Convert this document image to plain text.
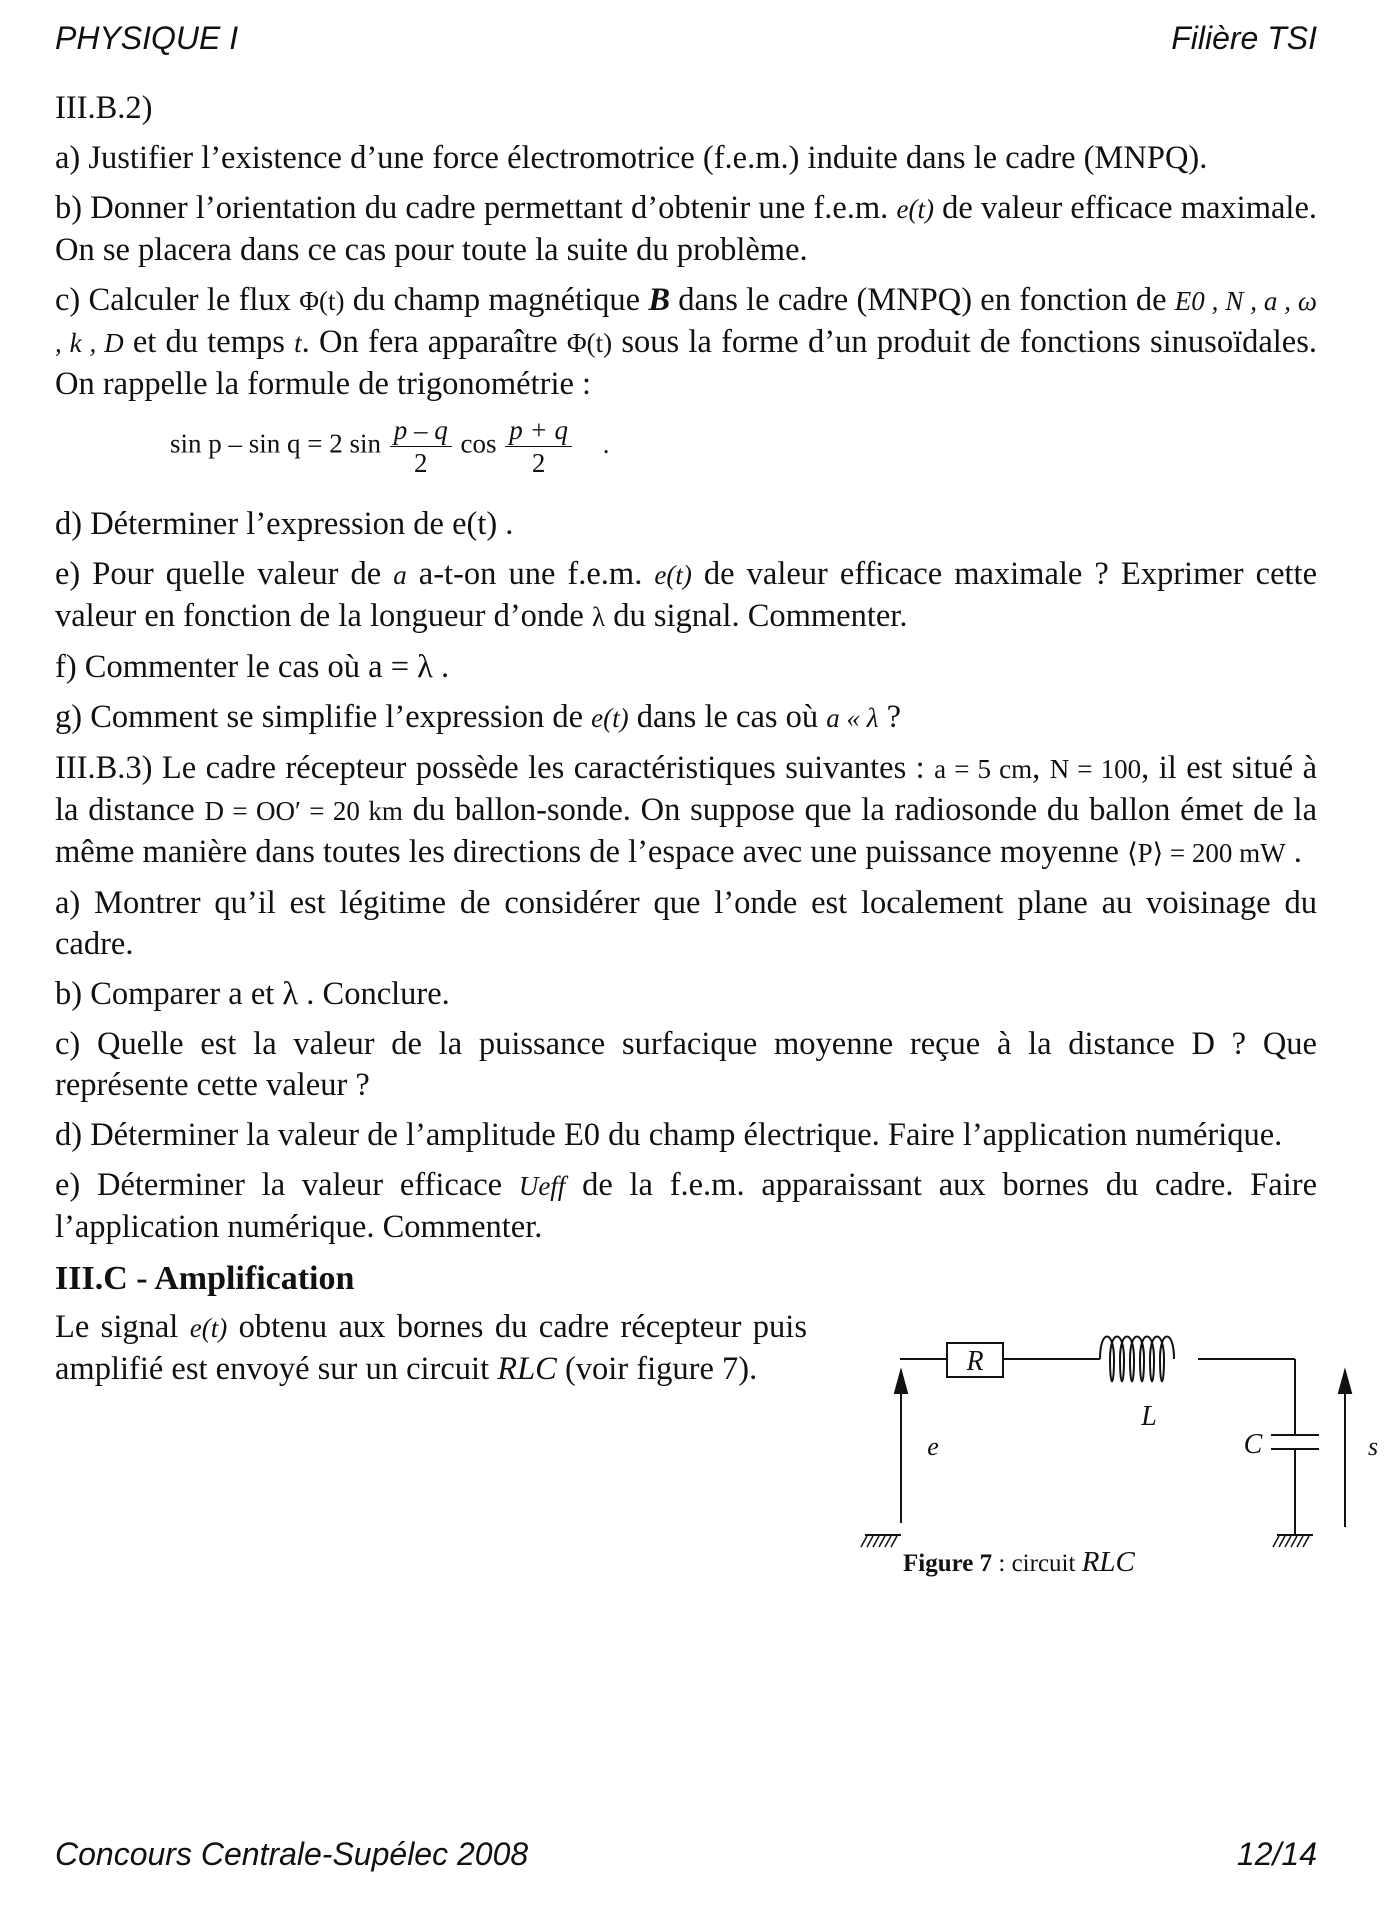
PHYSIQUE I	Filière TSI

III.B.2)

a) Justifier l’existence d’une force électromotrice (f.e.m.) induite dans le cadre (MNPQ).

b) Donner l’orientation du cadre permettant d’obtenir une f.e.m. e(t) de valeur efficace maximale. On se placera dans ce cas pour toute la suite du problème.

c) Calculer le flux Φ(t) du champ magnétique B dans le cadre (MNPQ) en fonction de E0 , N , a , ω , k , D et du temps t. On fera apparaître Φ(t) sous la forme d’un produit de fonctions sinusoïdales. On rappelle la formule de trigonométrie :

sin p – sin q = 2 $\sin \frac{p - q}{2}$ $\cos \frac{p + q}{2}$ .

d) Déterminer l’expression de e(t) .

e) Pour quelle valeur de a a-t-on une f.e.m. e(t) de valeur efficace maximale ? Exprimer cette valeur en fonction de la longueur d’onde λ du signal. Commenter.

f) Commenter le cas où a = λ .

g) Comment se simplifie l’expression de e(t) dans le cas où a « λ ?

III.B.3) Le cadre récepteur possède les caractéristiques suivantes : a = 5 cm, N = 100, il est situé à la distance D = OO′ = 20 km du ballon-sonde. On suppose que la radiosonde du ballon émet de la même manière dans toutes les directions de l’espace avec une puissance moyenne ⟨P⟩ = 200 mW .

a) Montrer qu’il est légitime de considérer que l’onde est localement plane au voisinage du cadre.

b) Comparer a et λ . Conclure.

c) Quelle est la valeur de la puissance surfacique moyenne reçue à la distance D ? Que représente cette valeur ?

d) Déterminer la valeur de l’amplitude E0 du champ électrique. Faire l’application numérique.

e) Déterminer la valeur efficace Ueff de la f.e.m. apparaissant aux bornes du cadre. Faire l’application numérique. Commenter.

III.C - Amplification
Le signal e(t) obtenu aux bornes du cadre récepteur puis amplifié est envoyé sur un circuit RLC (voir figure 7).	R
L
C
e	s
Figure 7 : circuit RLC
Concours Centrale-Supélec 2008	12/14
